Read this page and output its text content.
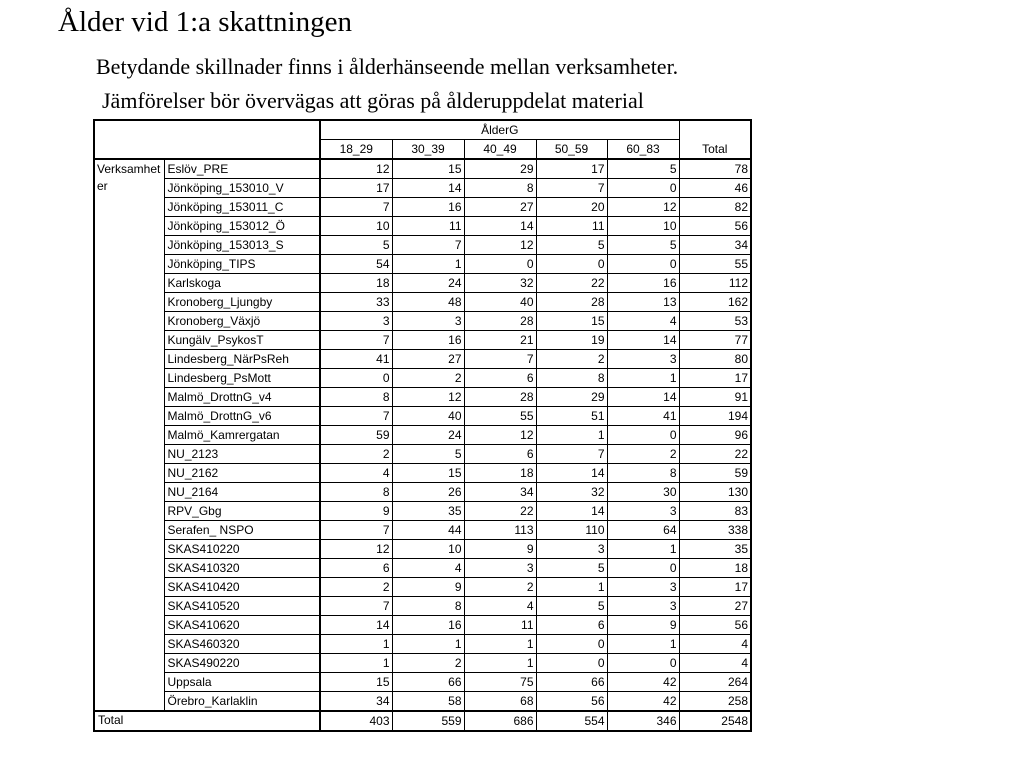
Ålder vid 1:a skattningen
Betydande skillnader finns i ålderhänseende mellan verksamheter.
Jämförelser bör övervägas att göras på ålderuppdelat material
		ÅlderG					Total
		18_29	30_39	40_49	50_59	60_83	
Verksamheter	Eslöv_PRE	12	15	29	17	5	78
	Jönköping_153010_V	17	14	8	7	0	46
	Jönköping_153011_C	7	16	27	20	12	82
	Jönköping_153012_Ö	10	11	14	11	10	56
	Jönköping_153013_S	5	7	12	5	5	34
	Jönköping_TIPS	54	1	0	0	0	55
	Karlskoga	18	24	32	22	16	112
	Kronoberg_Ljungby	33	48	40	28	13	162
	Kronoberg_Växjö	3	3	28	15	4	53
	Kungälv_PsykosT	7	16	21	19	14	77
	Lindesberg_NärPsReh	41	27	7	2	3	80
	Lindesberg_PsMott	0	2	6	8	1	17
	Malmö_DrottnG_v4	8	12	28	29	14	91
	Malmö_DrottnG_v6	7	40	55	51	41	194
	Malmö_Kamrergatan	59	24	12	1	0	96
	NU_2123	2	5	6	7	2	22
	NU_2162	4	15	18	14	8	59
	NU_2164	8	26	34	32	30	130
	RPV_Gbg	9	35	22	14	3	83
	Serafen_ NSPO	7	44	113	110	64	338
	SKAS410220	12	10	9	3	1	35
	SKAS410320	6	4	3	5	0	18
	SKAS410420	2	9	2	1	3	17
	SKAS410520	7	8	4	5	3	27
	SKAS410620	14	16	11	6	9	56
	SKAS460320	1	1	1	0	1	4
	SKAS490220	1	2	1	0	0	4
	Uppsala	15	66	75	66	42	264
	Örebro_Karlaklin	34	58	68	56	42	258
Total		403	559	686	554	346	2548
